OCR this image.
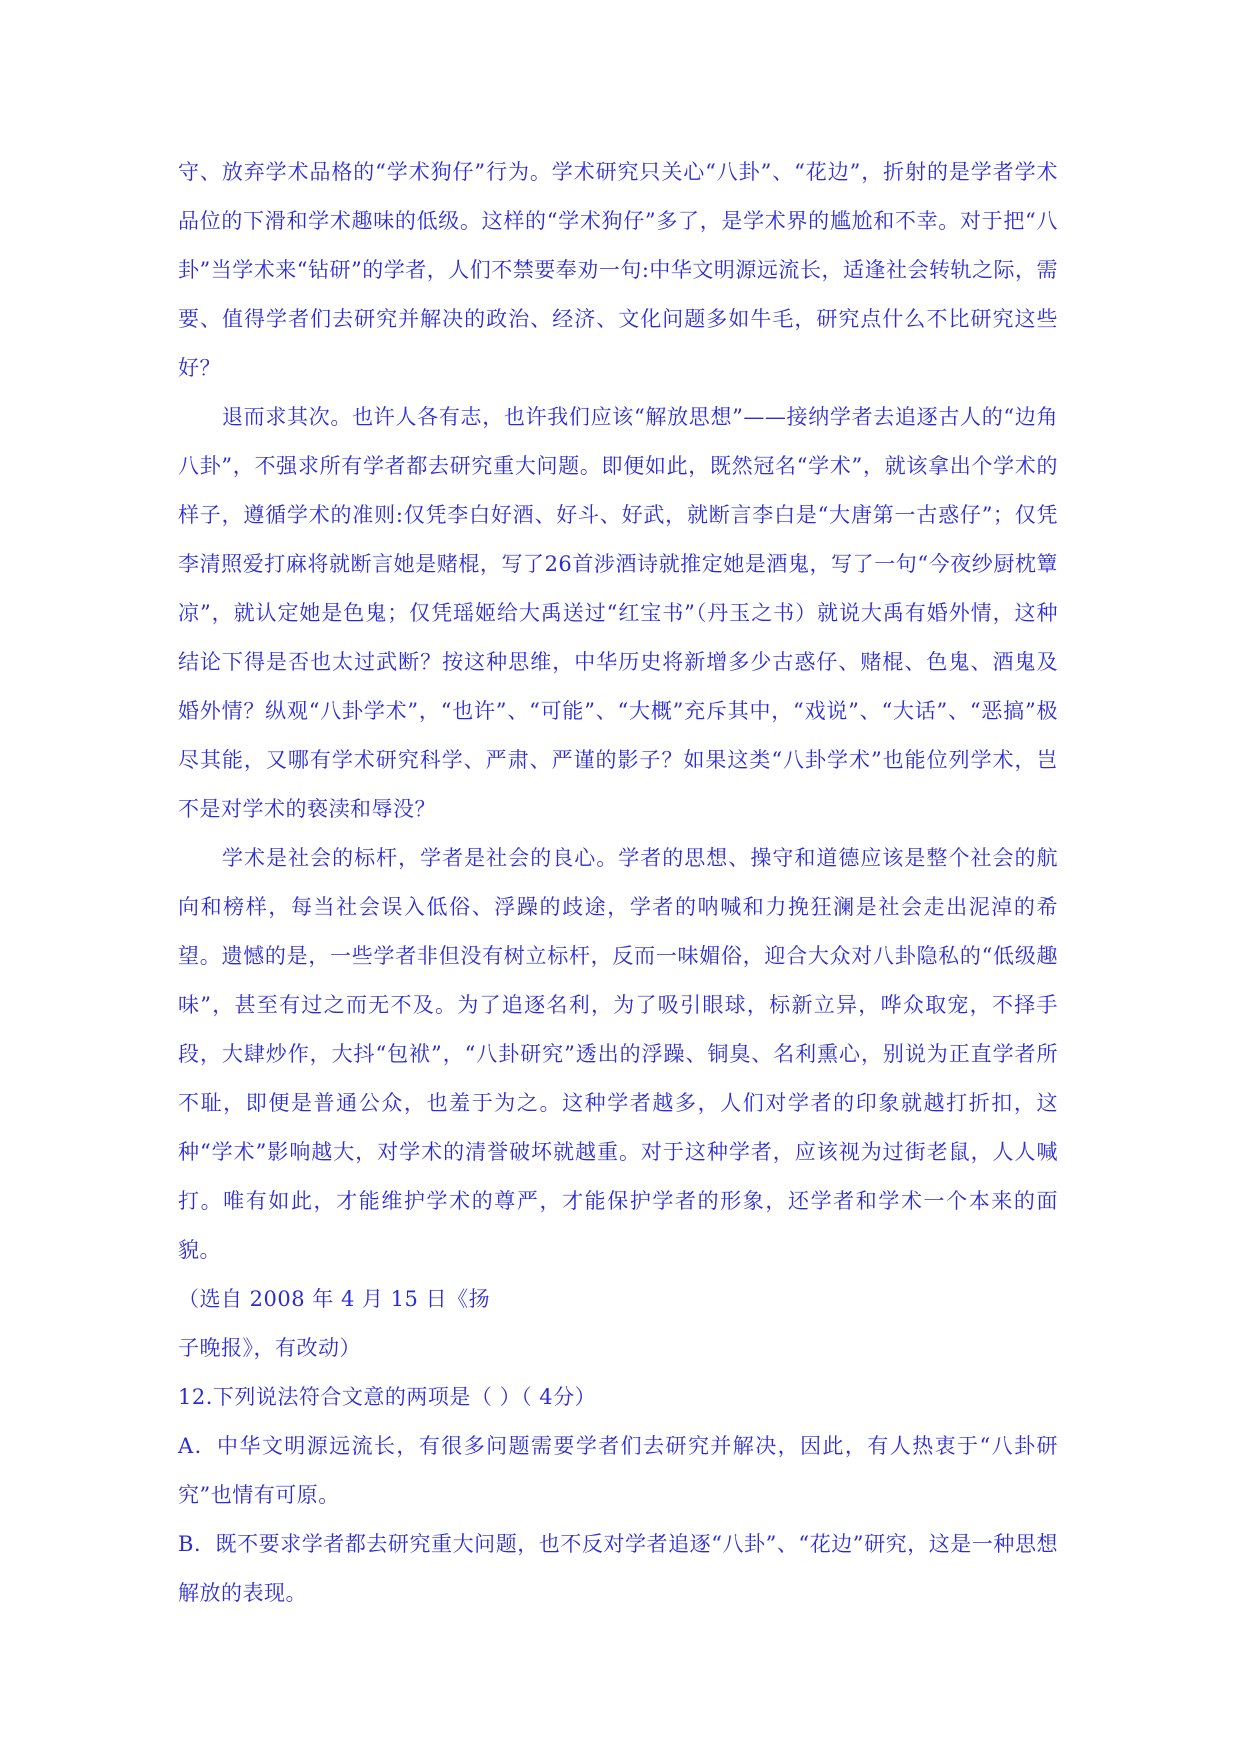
守、放弃学术品格的“学术狗仔”行为。学术研究只关心“八卦”、“花边”，折射的是学者学术品位的下滑和学术趣味的低级。这样的“学术狗仔”多了，是学术界的尴尬和不幸。对于把“八卦”当学术来“钻研”的学者，人们不禁要奉劝一句:中华文明源远流长，适逢社会转轨之际，需要、值得学者们去研究并解决的政治、经济、文化问题多如牛毛，研究点什么不比研究这些好？

退而求其次。也许人各有志，也许我们应该“解放思想”——接纳学者去追逐古人的“边角八卦”，不强求所有学者都去研究重大问题。即便如此，既然冠名“学术”，就该拿出个学术的样子，遵循学术的准则:仅凭李白好酒、好斗、好武，就断言李白是“大唐第一古惑仔”；仅凭李清照爱打麻将就断言她是赌棍，写了26首涉酒诗就推定她是酒鬼，写了一句“今夜纱厨枕簟凉”，就认定她是色鬼；仅凭瑶姬给大禹送过“红宝书”（丹玉之书）就说大禹有婚外情，这种结论下得是否也太过武断？按这种思维，中华历史将新增多少古惑仔、赌棍、色鬼、酒鬼及婚外情？纵观“八卦学术”，“也许”、“可能”、“大概”充斥其中，“戏说”、“大话”、“恶搞”极尽其能，又哪有学术研究科学、严肃、严谨的影子？如果这类“八卦学术”也能位列学术，岂不是对学术的亵渎和辱没？

学术是社会的标杆，学者是社会的良心。学者的思想、操守和道德应该是整个社会的航向和榜样，每当社会误入低俗、浮躁的歧途，学者的呐喊和力挽狂澜是社会走出泥淖的希望。遗憾的是，一些学者非但没有树立标杆，反而一味媚俗，迎合大众对八卦隐私的“低级趣味”，甚至有过之而无不及。为了追逐名利，为了吸引眼球，标新立异，哗众取宠，不择手段，大肆炒作，大抖“包袱”，“八卦研究”透出的浮躁、铜臭、名利熏心，别说为正直学者所不耻，即便是普通公众，也羞于为之。这种学者越多，人们对学者的印象就越打折扣，这种“学术”影响越大，对学术的清誉破坏就越重。对于这种学者，应该视为过街老鼠，人人喊打。唯有如此，才能维护学术的尊严，才能保护学者的形象，还学者和学术一个本来的面貌。

（选自 2008 年 4 月 15 日《扬

子晚报》，有改动）

12.下列说法符合文意的两项是（ ）（ 4分）

A．中华文明源远流长，有很多问题需要学者们去研究并解决，因此，有人热衷于“八卦研究”也情有可原。

B．既不要求学者都去研究重大问题，也不反对学者追逐“八卦”、“花边”研究，这是一种思想解放的表现。
